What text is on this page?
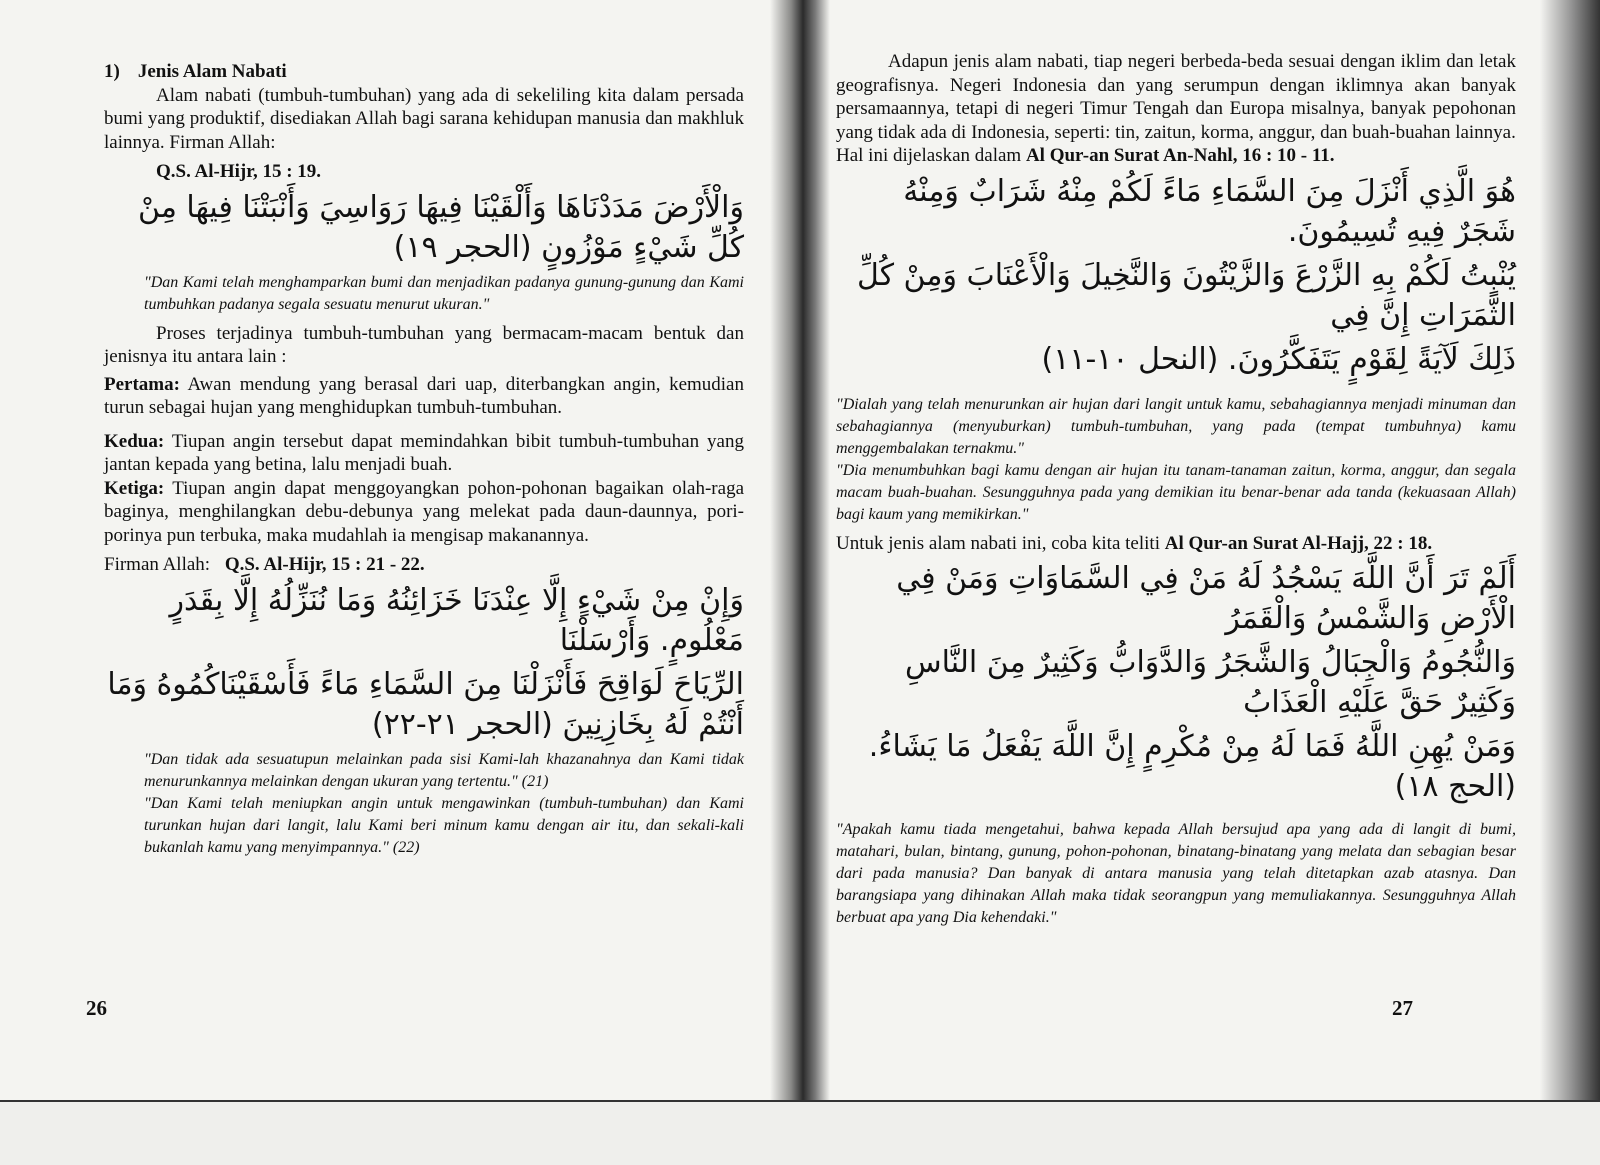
1) Jenis Alam Nabati

Alam nabati (tumbuh-tumbuhan) yang ada di sekeliling kita dalam persada bumi yang produktif, disediakan Allah bagi sarana kehidupan manusia dan makhluk lainnya. Firman Allah:

Q.S. Al-Hijr, 15 : 19.

وَالْأَرْضَ مَدَدْنَاهَا وَأَلْقَيْنَا فِيهَا رَوَاسِيَ وَأَنْبَتْنَا فِيهَا مِنْ كُلِّ شَيْءٍ مَوْزُونٍ (الحجر ١٩)

"Dan Kami telah menghamparkan bumi dan menjadikan padanya gunung-gunung dan Kami tumbuhkan padanya segala sesuatu menurut ukuran."

Proses terjadinya tumbuh-tumbuhan yang bermacam-macam bentuk dan jenisnya itu antara lain :

Pertama: Awan mendung yang berasal dari uap, diterbangkan angin, kemudian turun sebagai hujan yang menghidupkan tumbuh-tumbuhan.

Kedua: Tiupan angin tersebut dapat memindahkan bibit tumbuh-tumbuhan yang jantan kepada yang betina, lalu menjadi buah.

Ketiga: Tiupan angin dapat menggoyangkan pohon-pohonan bagaikan olah-raga baginya, menghilangkan debu-debunya yang melekat pada daun-daunnya, pori-porinya pun terbuka, maka mudahlah ia mengisap makanannya.

Firman Allah: Q.S. Al-Hijr, 15 : 21 - 22.

وَإِنْ مِنْ شَيْءٍ إِلَّا عِنْدَنَا خَزَائِنُهُ وَمَا نُنَزِّلُهُ إِلَّا بِقَدَرٍ مَعْلُومٍ. وَأَرْسَلْنَا

الرِّيَاحَ لَوَاقِحَ فَأَنْزَلْنَا مِنَ السَّمَاءِ مَاءً فَأَسْقَيْنَاكُمُوهُ وَمَا أَنْتُمْ لَهُ بِخَازِنِينَ (الحجر ٢١-٢٢)

"Dan tidak ada sesuatupun melainkan pada sisi Kami-lah khazanahnya dan Kami tidak menurunkannya melainkan dengan ukuran yang tertentu." (21)

"Dan Kami telah meniupkan angin untuk mengawinkan (tumbuh-tumbuhan) dan Kami turunkan hujan dari langit, lalu Kami beri minum kamu dengan air itu, dan sekali-kali bukanlah kamu yang menyimpannya." (22)

26

Adapun jenis alam nabati, tiap negeri berbeda-beda sesuai dengan iklim dan letak geografisnya. Negeri Indonesia dan yang serumpun dengan iklimnya akan banyak persamaannya, tetapi di negeri Timur Tengah dan Europa misalnya, banyak pepohonan yang tidak ada di Indonesia, seperti: tin, zaitun, korma, anggur, dan buah-buahan lainnya.

Hal ini dijelaskan dalam Al Qur-an Surat An-Nahl, 16 : 10 - 11.

هُوَ الَّذِي أَنْزَلَ مِنَ السَّمَاءِ مَاءً لَكُمْ مِنْهُ شَرَابٌ وَمِنْهُ شَجَرٌ فِيهِ تُسِيمُونَ.

يُنْبِتُ لَكُمْ بِهِ الزَّرْعَ وَالزَّيْتُونَ وَالنَّخِيلَ وَالْأَعْنَابَ وَمِنْ كُلِّ الثَّمَرَاتِ إِنَّ فِي

ذَلِكَ لَآيَةً لِقَوْمٍ يَتَفَكَّرُونَ. (النحل ١٠-١١)

"Dialah yang telah menurunkan air hujan dari langit untuk kamu, sebahagiannya menjadi minuman dan sebahagiannya (menyuburkan) tumbuh-tumbuhan, yang pada (tempat tumbuhnya) kamu menggembalakan ternakmu."

"Dia menumbuhkan bagi kamu dengan air hujan itu tanam-tanaman zaitun, korma, anggur, dan segala macam buah-buahan. Sesungguhnya pada yang demikian itu benar-benar ada tanda (kekuasaan Allah) bagi kaum yang memikirkan."

Untuk jenis alam nabati ini, coba kita teliti Al Qur-an Surat Al-Hajj, 22 : 18.

أَلَمْ تَرَ أَنَّ اللَّهَ يَسْجُدُ لَهُ مَنْ فِي السَّمَاوَاتِ وَمَنْ فِي الْأَرْضِ وَالشَّمْسُ وَالْقَمَرُ

وَالنُّجُومُ وَالْجِبَالُ وَالشَّجَرُ وَالدَّوَابُّ وَكَثِيرٌ مِنَ النَّاسِ وَكَثِيرٌ حَقَّ عَلَيْهِ الْعَذَابُ

وَمَنْ يُهِنِ اللَّهُ فَمَا لَهُ مِنْ مُكْرِمٍ إِنَّ اللَّهَ يَفْعَلُ مَا يَشَاءُ. (الحج ١٨)

"Apakah kamu tiada mengetahui, bahwa kepada Allah bersujud apa yang ada di langit di bumi, matahari, bulan, bintang, gunung, pohon-pohonan, binatang-binatang yang melata dan sebagian besar dari pada manusia? Dan banyak di antara manusia yang telah ditetapkan azab atasnya. Dan barangsiapa yang dihinakan Allah maka tidak seorangpun yang memuliakannya. Sesungguhnya Allah berbuat apa yang Dia kehendaki."

27
